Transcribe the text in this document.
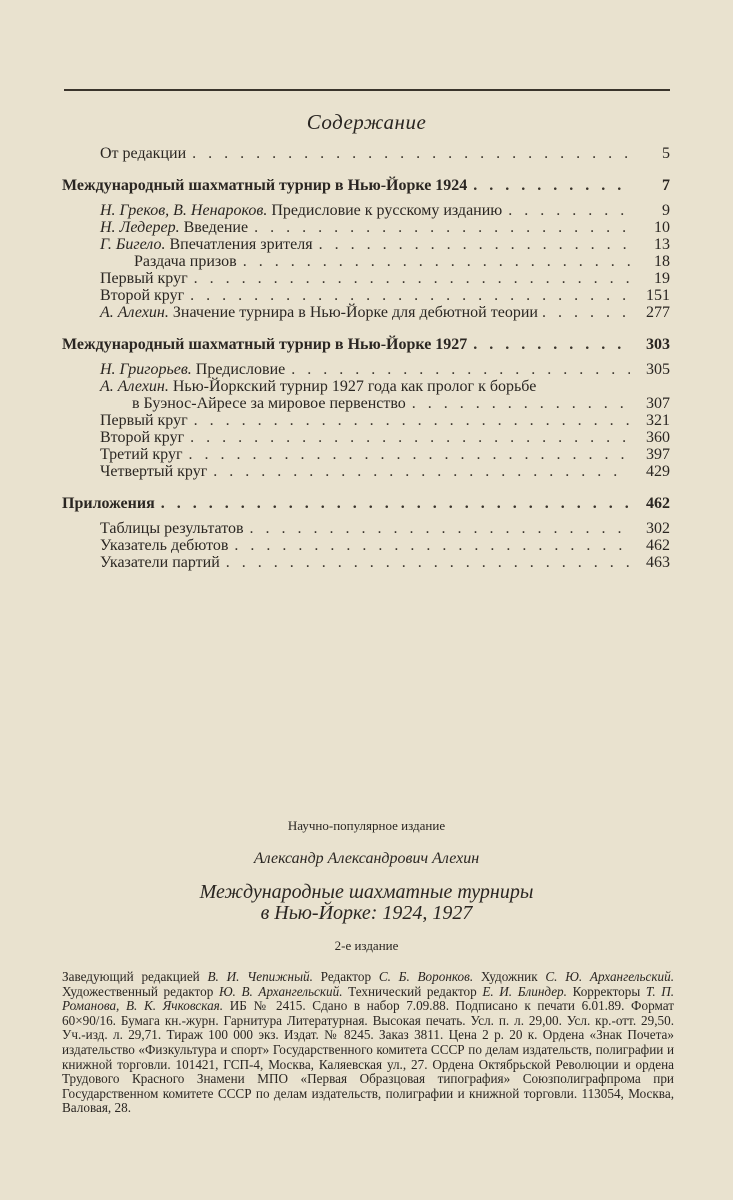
Содержание
От редакции . . .	5
Международный шахматный турнир в Нью-Йорке 1924 . . .	7
Н. Греков, В. Ненароков. Предисловие к русскому изданию . . .	9
Н. Ледерер. Введение . . .	10
Г. Бигело. Впечатления зрителя . . .	13
Раздача призов . . .	18
Первый круг . . .	19
Второй круг . . .	151
А. Алехин. Значение турнира в Нью-Йорке для дебютной теории . . .	277
Международный шахматный турнир в Нью-Йорке 1927 . . .	303
Н. Григорьев. Предисловие . . .	305
А. Алехин. Нью-Йоркский турнир 1927 года как пролог к борьбе
в Буэнос-Айресе за мировое первенство . . .	307
Первый круг . . .	321
Второй круг . . .	360
Третий круг . . .	397
Четвертый круг . . .	429
Приложения . . .	462
Таблицы результатов . . .	302
Указатель дебютов . . .	462
Указатели партий . . .	463
Научно-популярное издание
Александр Александрович Алехин
Международные шахматные турниры
в Нью-Йорке: 1924, 1927
2-е издание

Заведующий редакцией В. И. Чепижный. Редактор С. Б. Воронков. Художник С. Ю. Архангельский. Художественный редактор Ю. В. Архангельский. Технический редактор Е. И. Блиндер. Корректоры Т. П. Романова, В. К. Ячковская. ИБ № 2415. Сдано в набор 7.09.88. Подписано к печати 6.01.89. Формат 60×90/16. Бумага кн.-журн. Гарнитура Литературная. Высокая печать. Усл. п. л. 29,00. Усл. кр.-отт. 29,50. Уч.-изд. л. 29,71. Тираж 100 000 экз. Издат. № 8245. Заказ 3811. Цена 2 р. 20 к. Ордена «Знак Почета» издательство «Физкультура и спорт» Государственного комитета СССР по делам издательств, полиграфии и книжной торговли. 101421, ГСП-4, Москва, Каляевская ул., 27. Ордена Октябрьской Революции и ордена Трудового Красного Знамени МПО «Первая Образцовая типография» Союзполиграфпрома при Государственном комитете СССР по делам издательств, полиграфии и книжной торговли. 113054, Москва, Валовая, 28.
